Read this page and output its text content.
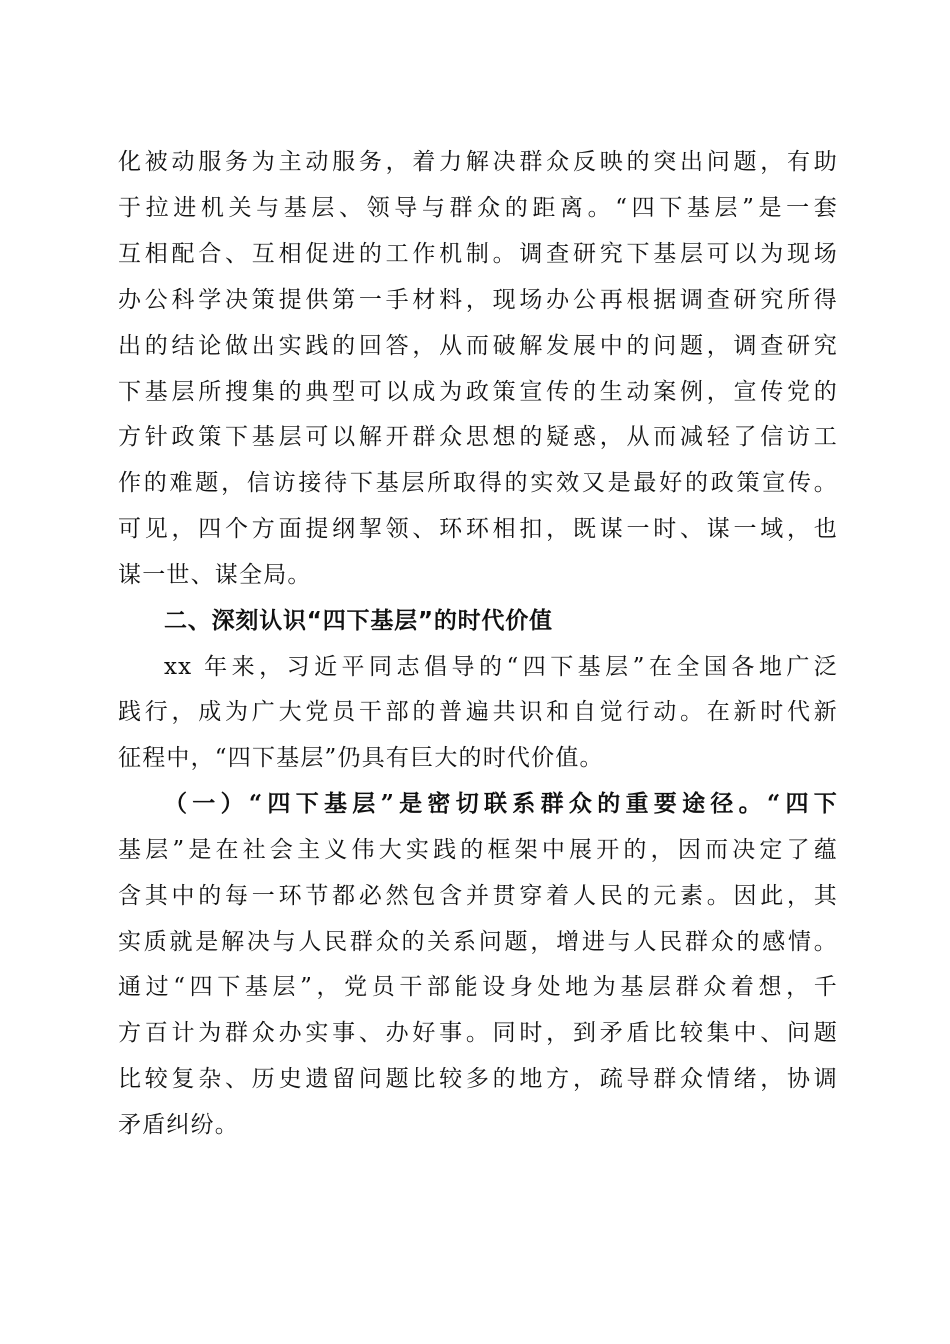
化被动服务为主动服务，着力解决群众反映的突出问题，有助
于拉进机关与基层、领导与群众的距离。“四下基层”是一套
互相配合、互相促进的工作机制。调查研究下基层可以为现场
办公科学决策提供第一手材料，现场办公再根据调查研究所得
出的结论做出实践的回答，从而破解发展中的问题，调查研究
下基层所搜集的典型可以成为政策宣传的生动案例，宣传党的
方针政策下基层可以解开群众思想的疑惑，从而减轻了信访工
作的难题，信访接待下基层所取得的实效又是最好的政策宣传。
可见，四个方面提纲挈领、环环相扣，既谋一时、谋一域，也
谋一世、谋全局。
二、深刻认识“四下基层”的时代价值
xx 年来，习近平同志倡导的“四下基层”在全国各地广泛
践行，成为广大党员干部的普遍共识和自觉行动。在新时代新
征程中，“四下基层”仍具有巨大的时代价值。
（一）“四下基层”是密切联系群众的重要途径。“四下
基层”是在社会主义伟大实践的框架中展开的，因而决定了蕴
含其中的每一环节都必然包含并贯穿着人民的元素。因此，其
实质就是解决与人民群众的关系问题，增进与人民群众的感情。
通过“四下基层”，党员干部能设身处地为基层群众着想，千
方百计为群众办实事、办好事。同时，到矛盾比较集中、问题
比较复杂、历史遗留问题比较多的地方，疏导群众情绪，协调
矛盾纠纷。
